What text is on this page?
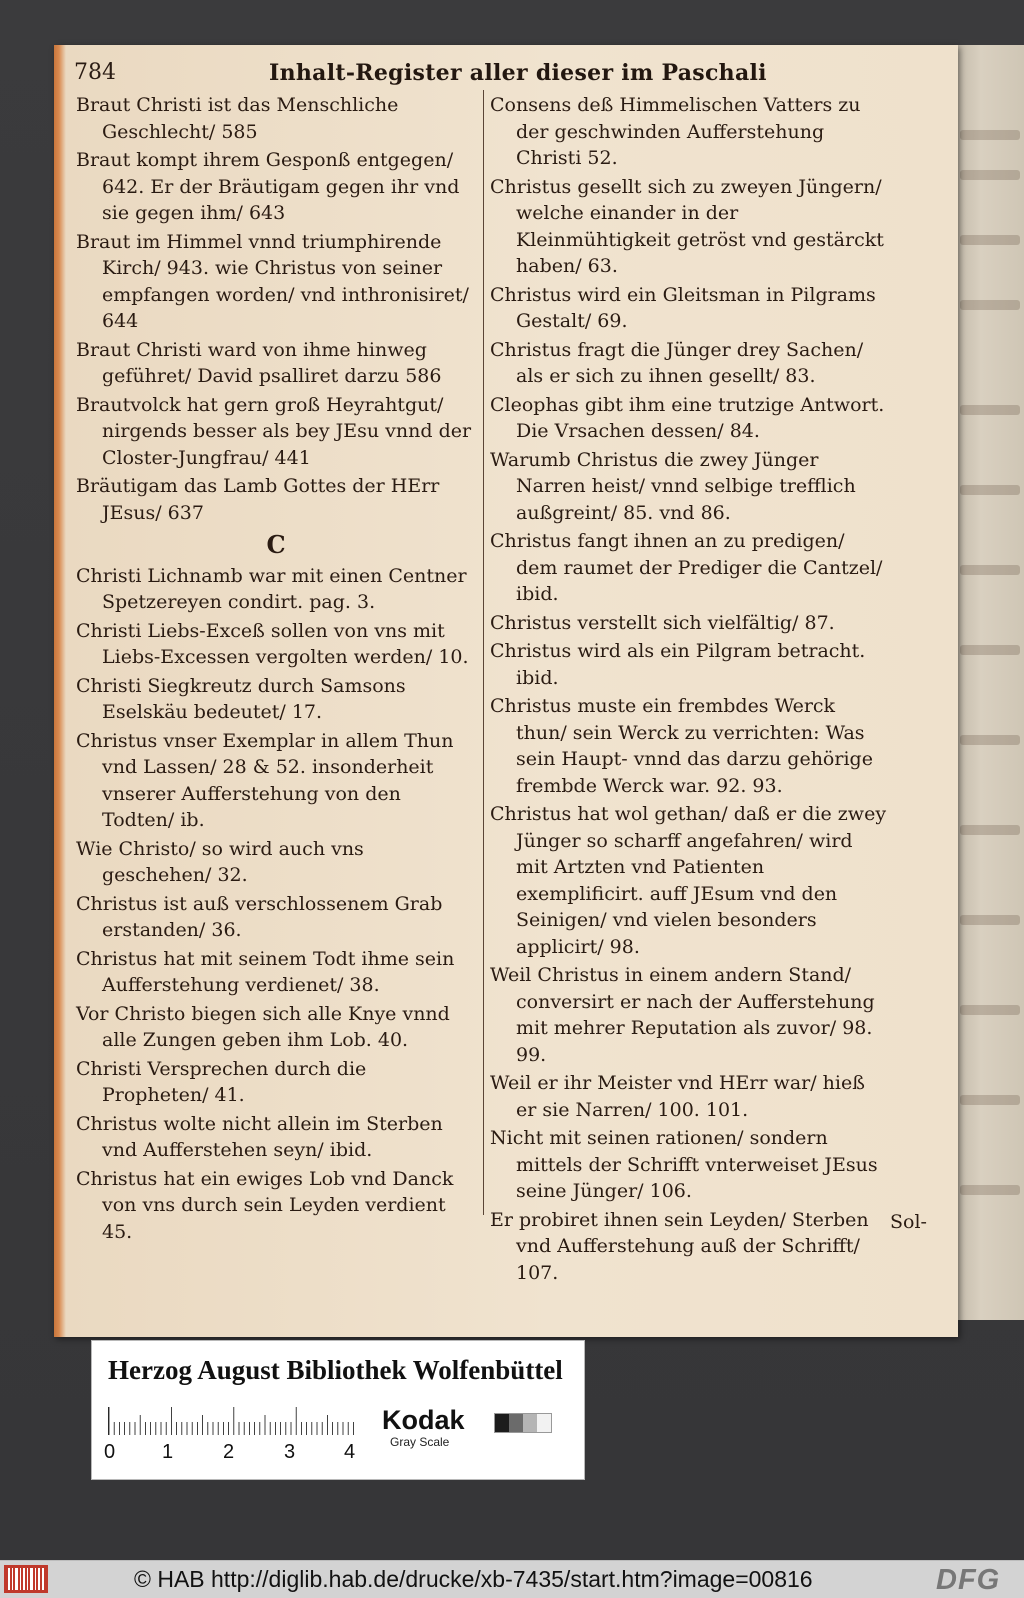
784	Inhalt-Register aller dieser im Paschali

Braut Christi ist das Menschliche Geschlecht/ 585

Braut kompt ihrem Gesponß entgegen/ 642. Er der Bräutigam gegen ihr vnd sie gegen ihm/ 643

Braut im Himmel vnnd triumphirende Kirch/ 943. wie Christus von seiner empfangen worden/ vnd inthronisiret/ 644

Braut Christi ward von ihme hinweg geführet/ David psalliret darzu 586

Brautvolck hat gern groß Heyrahtgut/ nirgends besser als bey JEsu vnnd der Closter-Jungfrau/ 441

Bräutigam das Lamb Gottes der HErr JEsus/ 637

C

Christi Lichnamb war mit einen Centner Spetzereyen condirt. pag. 3.

Christi Liebs-Exceß sollen von vns mit Liebs-Excessen vergolten werden/ 10.

Christi Siegkreutz durch Samsons Eselskäu bedeutet/ 17.

Christus vnser Exemplar in allem Thun vnd Lassen/ 28 & 52. insonderheit vnserer Aufferstehung von den Todten/ ib.

Wie Christo/ so wird auch vns geschehen/ 32.

Christus ist auß verschlossenem Grab erstanden/ 36.

Christus hat mit seinem Todt ihme sein Aufferstehung verdienet/ 38.

Vor Christo biegen sich alle Knye vnnd alle Zungen geben ihm Lob. 40.

Christi Versprechen durch die Propheten/ 41.

Christus wolte nicht allein im Sterben vnd Aufferstehen seyn/ ibid.

Christus hat ein ewiges Lob vnd Danck von vns durch sein Leyden verdient 45.

Consens deß Himmelischen Vatters zu der geschwinden Aufferstehung Christi 52.

Christus gesellt sich zu zweyen Jüngern/ welche einander in der Kleinmühtigkeit getröst vnd gestärckt haben/ 63.

Christus wird ein Gleitsman in Pilgrams Gestalt/ 69.

Christus fragt die Jünger drey Sachen/ als er sich zu ihnen gesellt/ 83.

Cleophas gibt ihm eine trutzige Antwort. Die Vrsachen dessen/ 84.

Warumb Christus die zwey Jünger Narren heist/ vnnd selbige trefflich außgreint/ 85. vnd 86.

Christus fangt ihnen an zu predigen/ dem raumet der Prediger die Cantzel/ ibid.

Christus verstellt sich vielfältig/ 87.

Christus wird als ein Pilgram betracht. ibid.

Christus muste ein frembdes Werck thun/ sein Werck zu verrichten: Was sein Haupt- vnnd das darzu gehörige frembde Werck war. 92. 93.

Christus hat wol gethan/ daß er die zwey Jünger so scharff angefahren/ wird mit Artzten vnd Patienten exemplificirt. auff JEsum vnd den Seinigen/ vnd vielen besonders applicirt/ 98.

Weil Christus in einem andern Stand/ conversirt er nach der Aufferstehung mit mehrer Reputation als zuvor/ 98. 99.

Weil er ihr Meister vnd HErr war/ hieß er sie Narren/ 100. 101.

Nicht mit seinen rationen/ sondern mittels der Schrifft vnterweiset JEsus seine Jünger/ 106.

Er probiret ihnen sein Leyden/ Sterben vnd Aufferstehung auß der Schrifft/ 107.

Sol-
Herzog August Bibliothek Wolfenbüttel
0 1 2 3 4
Kodak
Gray Scale
© HAB http://diglib.hab.de/drucke/xb-7435/start.htm?image=00816	DFG
